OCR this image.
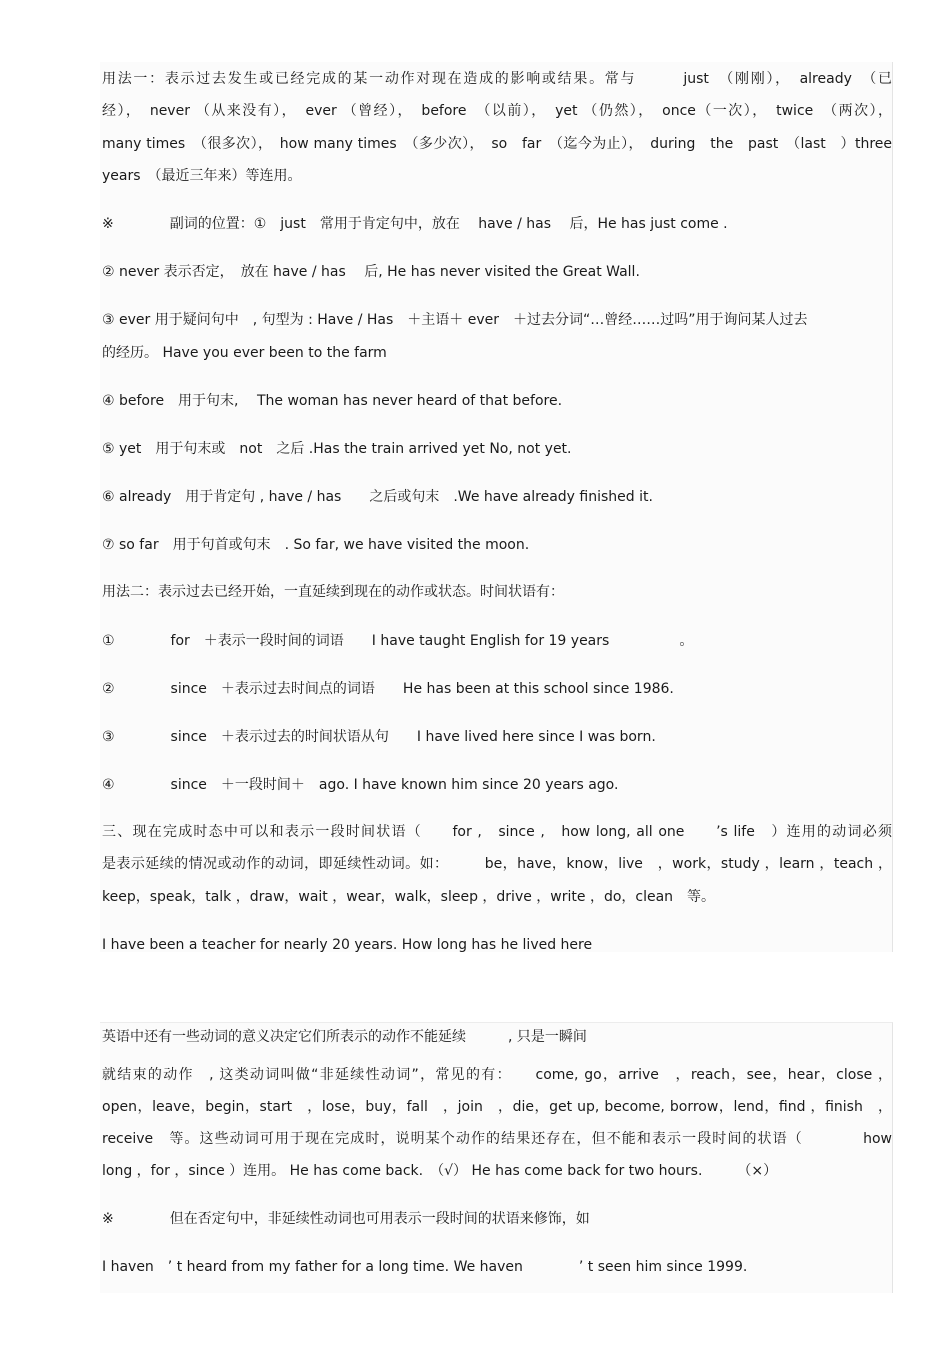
用法一：表示过去发生或已经完成的某一动作对现在造成的影响或结果。常与　　　just　（刚刚），　already　（已
经），　never （从来没有），　ever （曾经），　before　（以前），　yet （仍然），　once（一次），　twice　（两次），
many times　（很多次），　how many times　（多少次），　so　far　（迄今为止），　during　the　past　（last　）three
years　（最近三年来）等连用。
※　　　　副词的位置：①　just　常用于肯定句中，放在　 have / has　 后，He has just come .
② never 表示否定，　放在 have / has　 后, He has never visited the Great Wall.
③ ever 用于疑问句中　, 句型为 : Have / Has　＋主语＋ ever　＋过去分词“…曾经……过吗”用于询问某人过去
的经历。 Have you ever been to the farm
④ before　用于句末,　 The woman has never heard of that before.
⑤ yet　用于句末或　not　之后 .Has the train arrived yet No, not yet.
⑥ already　用于肯定句 , have / has　　之后或句末　.We have already finished it.
⑦ so far　用于句首或句末　. So far, we have visited the moon.
用法二：表示过去已经开始，一直延续到现在的动作或状态。时间状语有：
①　　　　for　＋表示一段时间的词语　　I have taught English for 19 years　　　　　。
②　　　　since　＋表示过去时间点的词语　　He has been at this school since 1986.
③　　　　since　＋表示过去的时间状语从句　　I have lived here since I was born.
④　　　　since　＋一段时间＋　ago. I have known him since 20 years ago.
三、现在完成时态中可以和表示一段时间状语（　　for ,　since ,　how long, all one　　’s life　）连用的动词必须
是表示延续的情况或动作的动词，即延续性动词。如：　　　be，have，know，live　，work，study ，learn ，teach ，
keep，speak，talk ，draw，wait ，wear，walk，sleep ，drive ，write ，do，clean　等。
I have been a teacher for nearly 20 years. How long has he lived here
英语中还有一些动词的意义决定它们所表示的动作不能延续　　　, 只是一瞬间
就结束的动作　, 这类动词叫做“非延续性动词”，常见的有：　　come, go，arrive　，reach，see，hear，close ，
open，leave，begin，start　，lose，buy，fall　，join　，die，get up, become, borrow，lend，find ，finish　，
receive　等。这些动词可用于现在完成时，说明某个动作的结果还存在，但不能和表示一段时间的状语（　　　　how
long ，for ，since ）连用。 He has come back.　（√） He has come back for two hours.　　　（×）
※　　　　但在否定句中，非延续性动词也可用表示一段时间的状语来修饰，如
I haven　’ t heard from my father for a long time. We haven　　　　’ t seen him since 1999.
